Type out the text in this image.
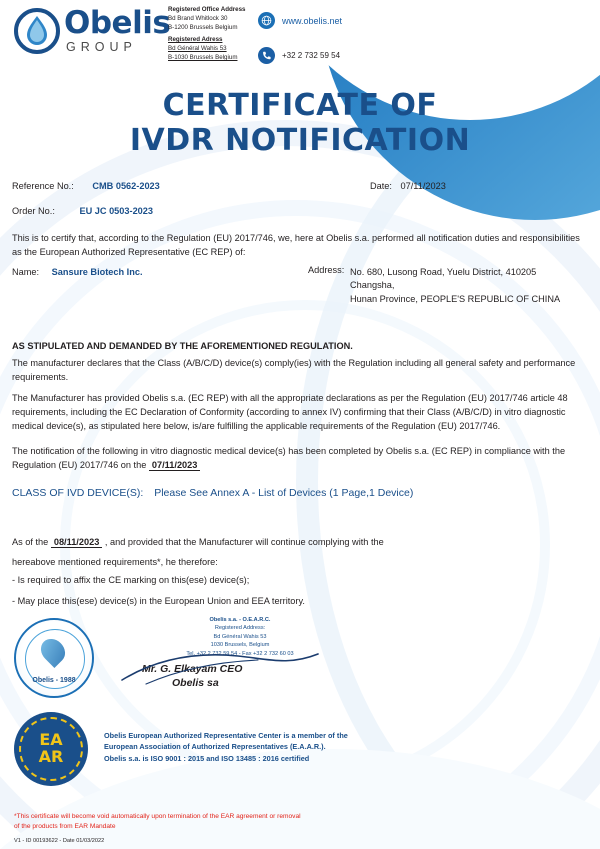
Obelis
GROUP
Registered Office Address
Bd Brand Whitlock 30
B-1200 Brussels Belgium
Registered Adress
Bd Général Wahis 53
B-1030 Brussels Belgium
www.obelis.net
+32 2 732 59 54
CERTIFICATE OF
IVDR NOTIFICATION
Reference No.: CMB 0562-2023	Date: 07/11/2023
Order No.:	EU JC 0503-2023
This is to certify that, according to the Regulation (EU) 2017/746, we, here at Obelis s.a. performed all notification duties and responsibilities as the European Authorized Representative (EC REP) of:
Name: Sansure Biotech Inc.	Address: No. 680, Lusong Road, Yuelu District, 410205
Changsha,
Hunan Province, PEOPLE'S REPUBLIC OF CHINA
AS STIPULATED AND DEMANDED BY THE AFOREMENTIONED REGULATION.
The manufacturer declares that the Class (A/B/C/D) device(s) comply(ies) with the Regulation including all general safety and performance requirements.
The Manufacturer has provided Obelis s.a. (EC REP) with all the appropriate declarations as per the Regulation (EU) 2017/746 article 48 requirements, including the EC Declaration of Conformity (according to annex IV) confirming that their Class (A/B/C/D) in vitro diagnostic medical device(s), as stipulated here below, is/are fulfilling the applicable requirements of the Regulation (EU) 2017/746.
The notification of the following in vitro diagnostic medical device(s) has been completed by Obelis s.a. (EC REP) in compliance with the Regulation (EU) 2017/746 on the 07/11/2023
CLASS OF IVD DEVICE(S): Please See Annex A - List of Devices (1 Page,1 Device)
As of the 08/11/2023 , and provided that the Manufacturer will continue complying with the
hereabove mentioned requirements*, he therefore:
- Is required to affix the CE marking on this(ese) device(s);
- May place this(ese) device(s) in the European Union and EEA territory.
Obelis - 1988
Obelis s.a. - O.E.A.R.C.
Registered Address:
Bd Général Wahis 53
1030 Brussels, Belgium
Tel. +32 2 732 59 54 - Fax +32 2 732 60 03
Mr. G. Elkayam CEO
Obelis sa
EA
AR
Obelis European Authorized Representative Center is a member of the
European Association of Authorized Representatives (E.A.A.R.).
Obelis s.a. is ISO 9001 : 2015 and ISO 13485 : 2016 certified
*This certificate will become void automatically upon termination of the EAR agreement or removal
of the products from EAR Mandate
V1 - ID 00193622 - Date 01/03/2022
